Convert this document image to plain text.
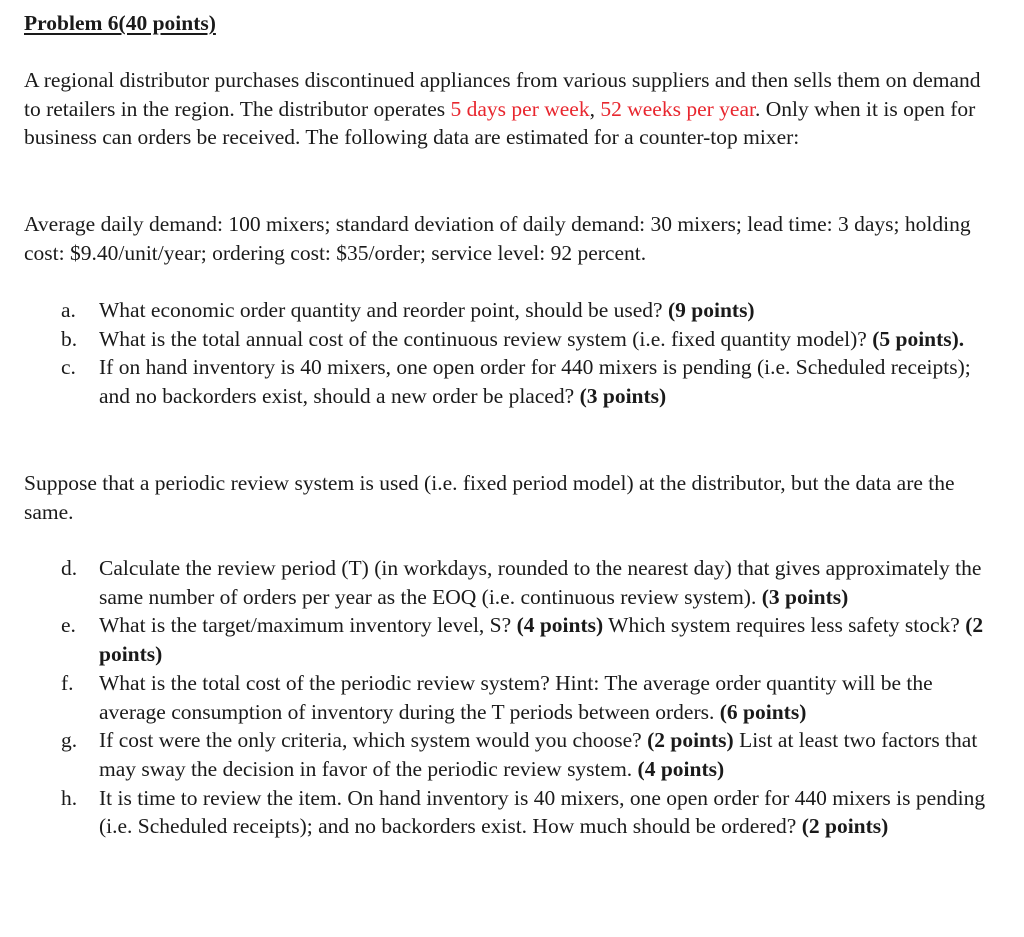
Problem 6(40 points)

A regional distributor purchases discontinued appliances from various suppliers and then sells them on demand to retailers in the region. The distributor operates 5 days per week, 52 weeks per year. Only when it is open for business can orders be received. The following data are estimated for a counter-top mixer:

Average daily demand: 100 mixers; standard deviation of daily demand: 30 mixers; lead time: 3 days; holding cost: $9.40/unit/year; ordering cost: $35/order; service level: 92 percent.

a. What economic order quantity and reorder point, should be used? (9 points)
b. What is the total annual cost of the continuous review system (i.e. fixed quantity model)? (5 points).
c. If on hand inventory is 40 mixers, one open order for 440 mixers is pending (i.e. Scheduled receipts); and no backorders exist, should a new order be placed? (3 points)

Suppose that a periodic review system is used (i.e. fixed period model) at the distributor, but the data are the same.

d. Calculate the review period (T) (in workdays, rounded to the nearest day) that gives approximately the same number of orders per year as the EOQ (i.e. continuous review system). (3 points)
e. What is the target/maximum inventory level, S? (4 points) Which system requires less safety stock? (2 points)
f. What is the total cost of the periodic review system? Hint: The average order quantity will be the average consumption of inventory during the T periods between orders. (6 points)
g. If cost were the only criteria, which system would you choose? (2 points) List at least two factors that may sway the decision in favor of the periodic review system. (4 points)
h. It is time to review the item. On hand inventory is 40 mixers, one open order for 440 mixers is pending (i.e. Scheduled receipts); and no backorders exist. How much should be ordered? (2 points)
